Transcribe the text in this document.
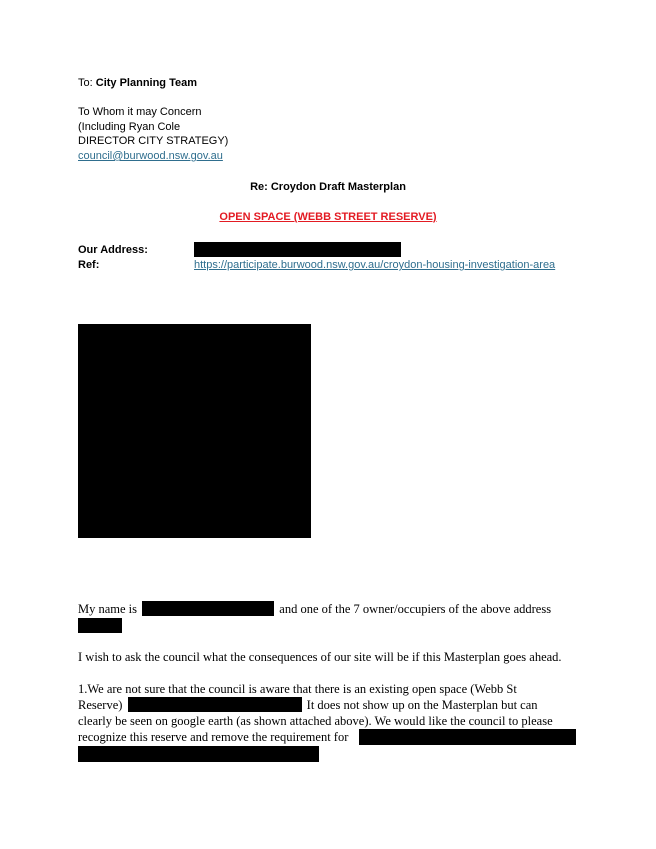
To: City Planning Team
To Whom it may Concern
(Including Ryan Cole
DIRECTOR CITY STRATEGY)
council@burwood.nsw.gov.au
Re: Croydon Draft Masterplan
OPEN SPACE (WEBB STREET RESERVE)
Our Address:
Ref:	https://participate.burwood.nsw.gov.au/croydon-housing-investigation-area
My name is	and one of the 7 owner/occupiers of the above address
I wish to ask the council what the consequences of our site will be if this Masterplan goes ahead.
1.We are not sure that the council is aware that there is an existing open space (Webb St
Reserve)	It does not show up on the Masterplan but can
clearly be seen on google earth (as shown attached above). We would like the council to please
recognize this reserve and remove the requirement for
